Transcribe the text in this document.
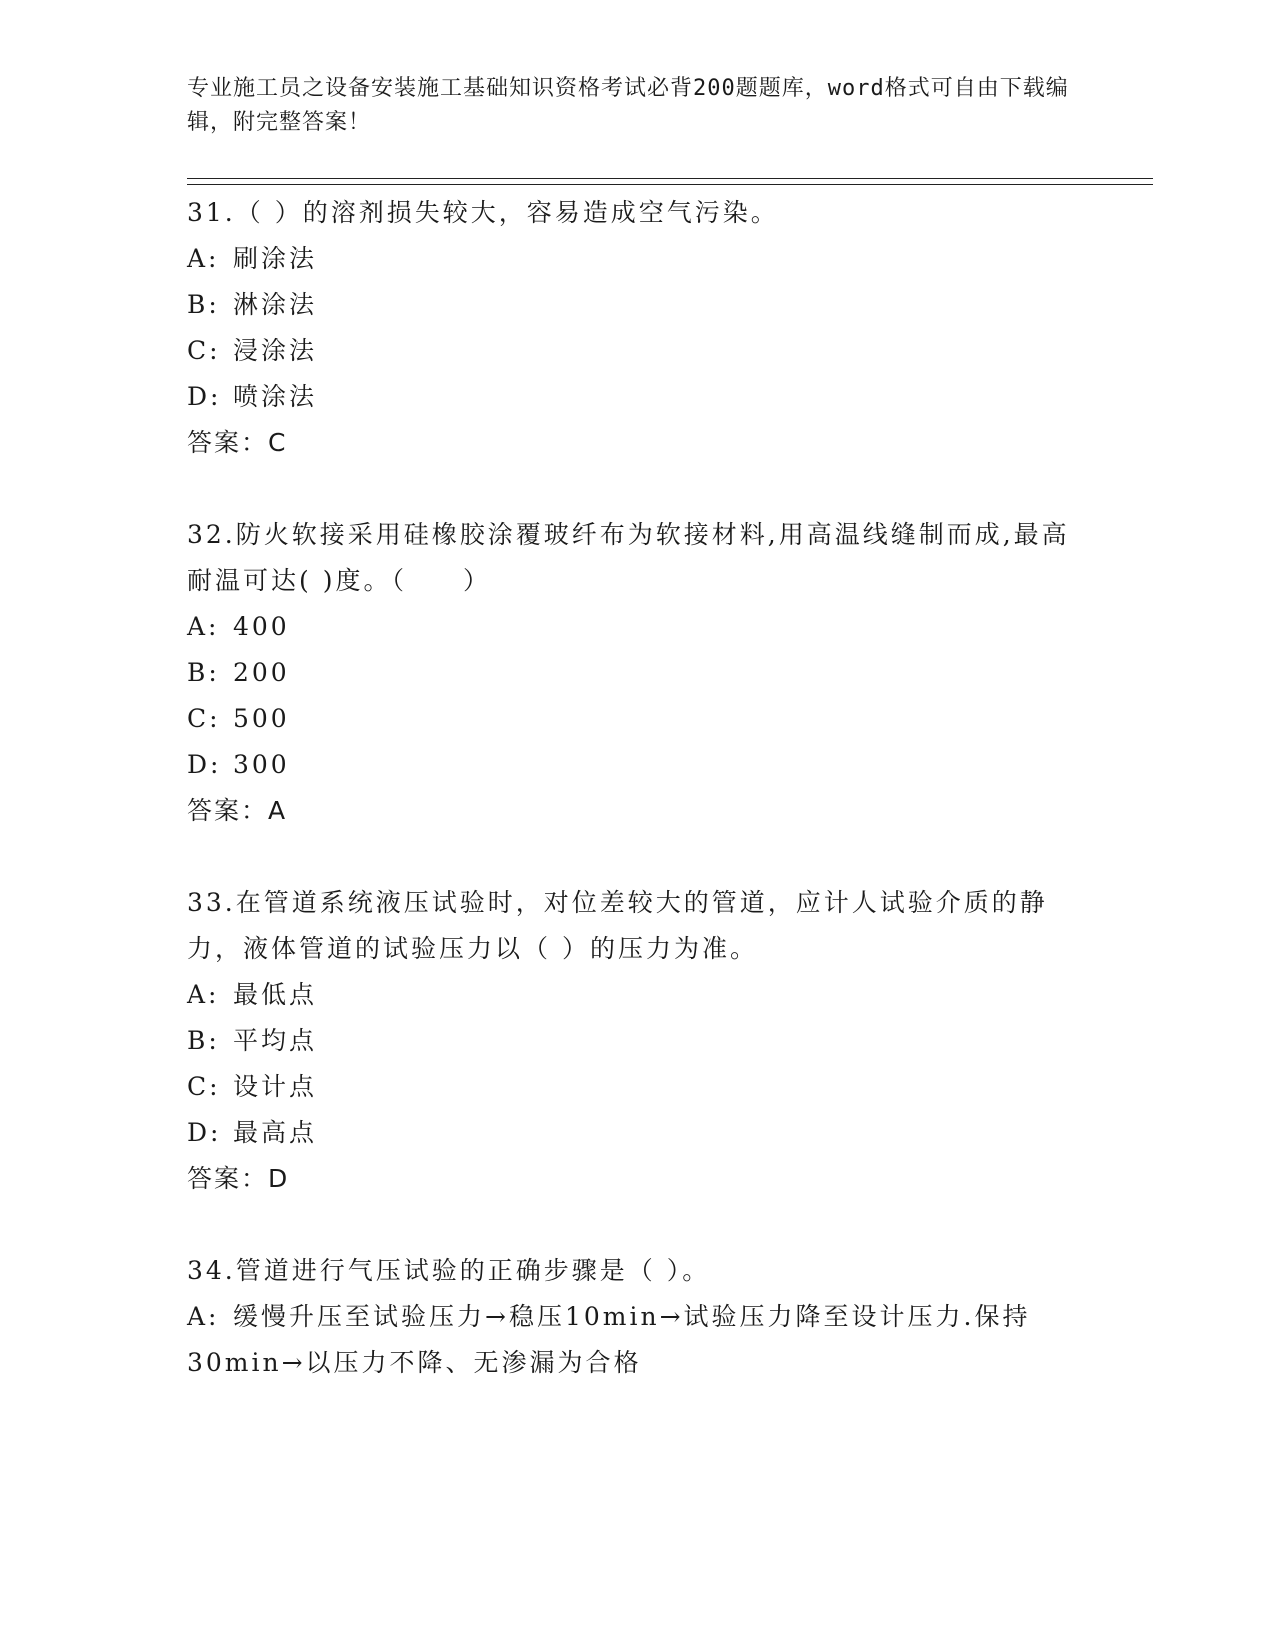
专业施工员之设备安装施工基础知识资格考试必背200题题库，word格式可自由下载编辑，附完整答案！
31.（ ）的溶剂损失较大，容易造成空气污染。
A: 刷涂法
B: 淋涂法
C: 浸涂法
D: 喷涂法
答案：C
32.防火软接采用硅橡胶涂覆玻纤布为软接材料,用高温线缝制而成,最高耐温可达( )度。（　　）
A: 400
B: 200
C: 500
D: 300
答案：A
33.在管道系统液压试验时，对位差较大的管道，应计人试验介质的静力，液体管道的试验压力以（ ）的压力为准。
A: 最低点
B: 平均点
C: 设计点
D: 最高点
答案：D
34.管道进行气压试验的正确步骤是（ ）。
A: 缓慢升压至试验压力→稳压10min→试验压力降至设计压力.保持30min→以压力不降、无渗漏为合格
